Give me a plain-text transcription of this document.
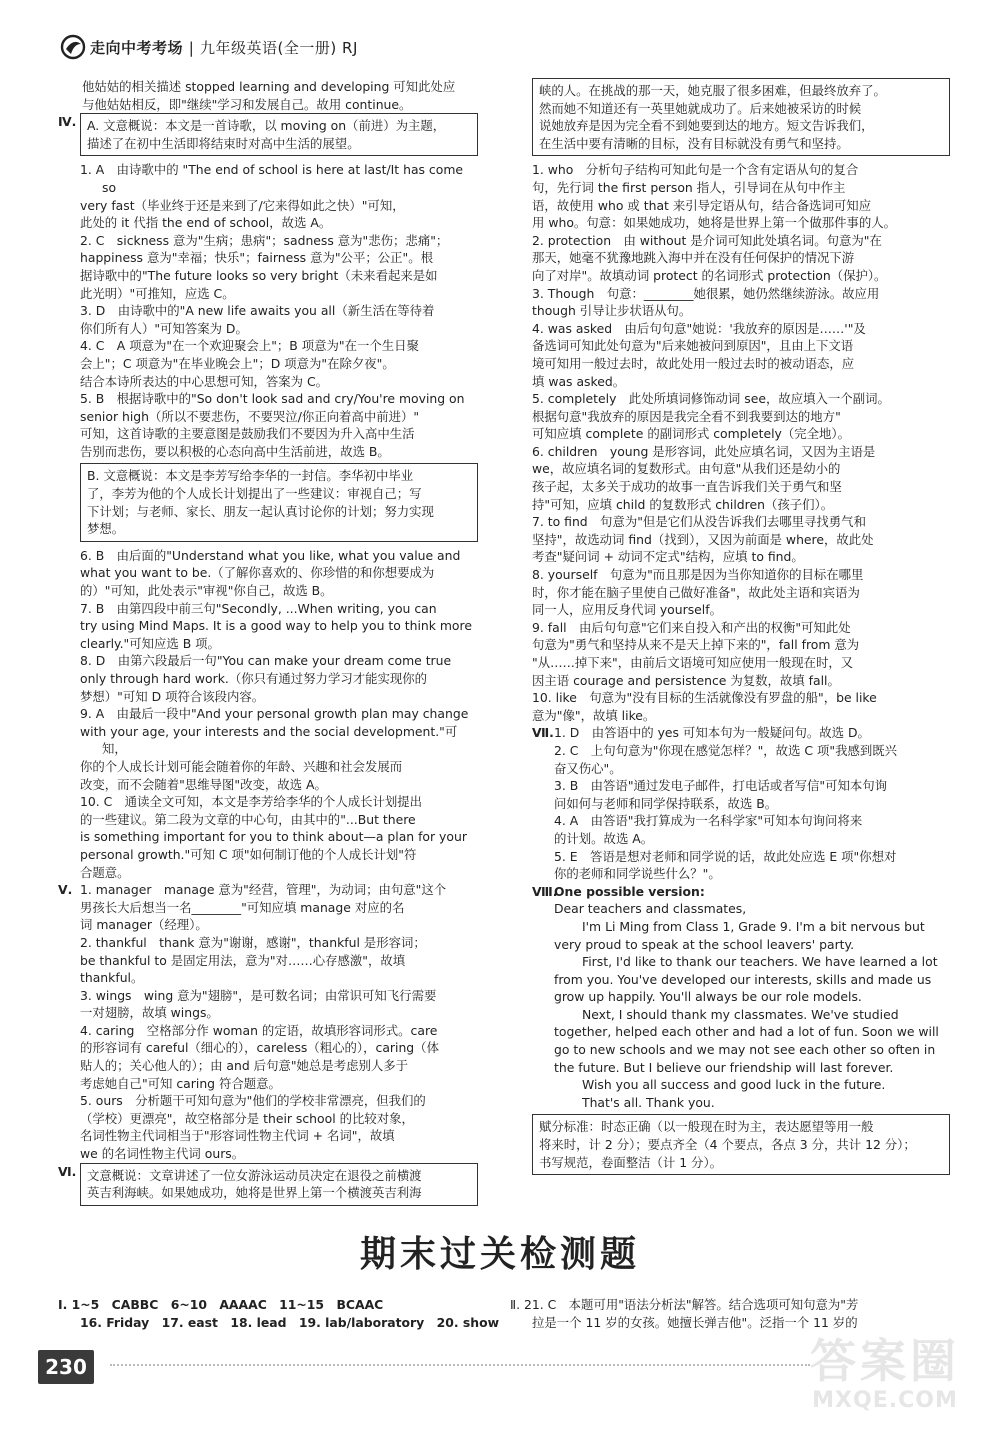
走向中考考场 | 九年级英语(全一册) RJ

他姑姑的相关描述 stopped learning and developing 可知此处应

与他姑姑相反，即"继续"学习和发展自己。故用 continue。

Ⅳ. A. 文意概说：本文是一首诗歌，以 moving on（前进）为主题，

描述了在初中生活即将结束时对高中生活的展望。

1. A　由诗歌中的 "The end of school is here at last/It has come so

very fast（毕业终于还是来到了/它来得如此之快）"可知，

此处的 it 代指 the end of school，故选 A。

2. C　sickness 意为"生病；患病"；sadness 意为"悲伤；悲痛"；

happiness 意为"幸福；快乐"；fairness 意为"公平；公正"。根

据诗歌中的"The future looks so very bright（未来看起来是如

此光明）"可推知，应选 C。

3. D　由诗歌中的"A new life awaits you all（新生活在等待着

你们所有人）"可知答案为 D。

4. C　A 项意为"在一个欢迎聚会上"；B 项意为"在一个生日聚

会上"；C 项意为"在毕业晚会上"；D 项意为"在除夕夜"。

结合本诗所表达的中心思想可知，答案为 C。

5. B　根据诗歌中的"So don't look sad and cry/You're moving on

senior high（所以不要悲伤，不要哭泣/你正向着高中前进）"

可知，这首诗歌的主要意图是鼓励我们不要因为升入高中生活

告别而悲伤，要以积极的心态向高中生活前进，故选 B。

B. 文意概说：本文是李芳写给李华的一封信。李华初中毕业

了，李芳为他的个人成长计划提出了一些建议：审视自己；写

下计划；与老师、家长、朋友一起认真讨论你的计划；努力实现

梦想。

6. B　由后面的"Understand what you like, what you value and

what you want to be.（了解你喜欢的、你珍惜的和你想要成为

的）"可知，此处表示"审视"你自己，故选 B。

7. B　由第四段中前三句"Secondly, ...When writing, you can

try using Mind Maps. It is a good way to help you to think more

clearly."可知应选 B 项。

8. D　由第六段最后一句"You can make your dream come true

only through hard work.（你只有通过努力学习才能实现你的

梦想）"可知 D 项符合该段内容。

9. A　由最后一段中"And your personal growth plan may change

with your age, your interests and the social development."可知，

你的个人成长计划可能会随着你的年龄、兴趣和社会发展而

改变，而不会随着"思维导图"改变，故选 A。

10. C　通读全文可知，本文是李芳给李华的个人成长计划提出

的一些建议。第二段为文章的中心句，由其中的"...But there

is something important for you to think about—a plan for your

personal growth."可知 C 项"如何制订他的个人成长计划"符

合题意。

Ⅴ. 1. manager　manage 意为"经营，管理"，为动词；由句意"这个

男孩长大后想当一名________"可知应填 manage 对应的名

词 manager（经理）。

2. thankful　thank 意为"谢谢，感谢"，thankful 是形容词；

be thankful to 是固定用法，意为"对……心存感激"，故填

thankful。

3. wings　wing 意为"翅膀"，是可数名词；由常识可知飞行需要

一对翅膀，故填 wings。

4. caring　空格部分作 woman 的定语，故填形容词形式。care

的形容词有 careful（细心的），careless（粗心的），caring（体

贴人的；关心他人的）；由 and 后句意"她总是考虑别人多于

考虑她自己"可知 caring 符合题意。

5. ours　分析题干可知句意为"他们的学校非常漂亮，但我们的

（学校）更漂亮"，故空格部分是 their school 的比较对象，

名词性物主代词相当于"形容词性物主代词 + 名词"，故填

we 的名词性物主代词 ours。

Ⅵ. 文意概说：文章讲述了一位女游泳运动员决定在退役之前横渡

英吉利海峡。如果她成功，她将是世界上第一个横渡英吉利海

峡的人。在挑战的那一天，她克服了很多困难，但最终放弃了。

然而她不知道还有一英里她就成功了。后来她被采访的时候

说她放弃是因为完全看不到她要到达的地方。短文告诉我们，

在生活中要有清晰的目标，没有目标就没有勇气和坚持。

1. who　分析句子结构可知此句是一个含有定语从句的复合

句，先行词 the first person 指人，引导词在从句中作主

语，故使用 who 或 that 来引导定语从句，结合备选词可知应

用 who。句意：如果她成功，她将是世界上第一个做那件事的人。

2. protection　由 without 是介词可知此处填名词。句意为"在

那天，她毫不犹豫地跳入海中并在没有任何保护的情况下游

向了对岸"。故填动词 protect 的名词形式 protection（保护）。

3. Though　句意：________她很累，她仍然继续游泳。故应用

though 引导让步状语从句。

4. was asked　由后句句意"她说：'我放弃的原因是……'"及

备选词可知此处句意为"后来她被问到原因"，且由上下文语

境可知用一般过去时，故此处用一般过去时的被动语态，应

填 was asked。

5. completely　此处所填词修饰动词 see，故应填入一个副词。

根据句意"我放弃的原因是我完全看不到我要到达的地方"

可知应填 complete 的副词形式 completely（完全地）。

6. children　young 是形容词，此处应填名词，又因为主语是

we，故应填名词的复数形式。由句意"从我们还是幼小的

孩子起，太多关于成功的故事一直告诉我们关于勇气和坚

持"可知，应填 child 的复数形式 children（孩子们）。

7. to find　句意为"但是它们从没告诉我们去哪里寻找勇气和

坚持"，故选动词 find（找到），又因为前面是 where，故此处

考查"疑问词 + 动词不定式"结构，应填 to find。

8. yourself　句意为"而且那是因为当你知道你的目标在哪里

时，你才能在脑子里使自己做好准备"，故此处主语和宾语为

同一人，应用反身代词 yourself。

9. fall　由后句句意"它们来自投入和产出的权衡"可知此处

句意为"勇气和坚持从来不是天上掉下来的"，fall from 意为

"从……掉下来"，由前后文语境可知应使用一般现在时，又

因主语 courage and persistence 为复数，故填 fall。

10. like　句意为"没有目标的生活就像没有罗盘的船"，be like

意为"像"，故填 like。

Ⅶ. 1. D　由答语中的 yes 可知本句为一般疑问句。故选 D。

2. C　上句句意为"你现在感觉怎样？"，故选 C 项"我感到既兴

奋又伤心"。

3. B　由答语"通过发电子邮件，打电话或者写信"可知本句询

问如何与老师和同学保持联系，故选 B。

4. A　由答语"我打算成为一名科学家"可知本句询问将来

的计划。故选 A。

5. E　答语是想对老师和同学说的话，故此处应选 E 项"你想对

你的老师和同学说些什么？"。

Ⅷ.

One possible version:

Dear teachers and classmates,

I'm Li Ming from Class 1, Grade 9. I'm a bit nervous but very proud to speak at the school leavers' party.

First, I'd like to thank our teachers. We have learned a lot from you. You've developed our interests, skills and made us grow up happily. You'll always be our role models.

Next, I should thank my classmates. We've studied together, helped each other and had a lot of fun. Soon we will go to new schools and we may not see each other so often in the future. But I believe our friendship will last forever.

Wish you all success and good luck in the future.

That's all. Thank you.

赋分标准：时态正确（以一般现在时为主，表达愿望等用一般

将来时，计 2 分）；要点齐全（4 个要点，各点 3 分，共计 12 分）；

书写规范，卷面整洁（计 1 分）。

期末过关检测题

Ⅰ. 1~5　CABBC　6~10　AAAAC　11~15　BCAAC

16. Friday　17. east　18. lead　19. lab/laboratory　20. show

Ⅱ. 21. C　本题可用"语法分析法"解答。结合选项可知句意为"芳

拉是一个 11 岁的女孩。她擅长弹吉他"。泛指一个 11 岁的

230	答案圈
MXQE.COM
